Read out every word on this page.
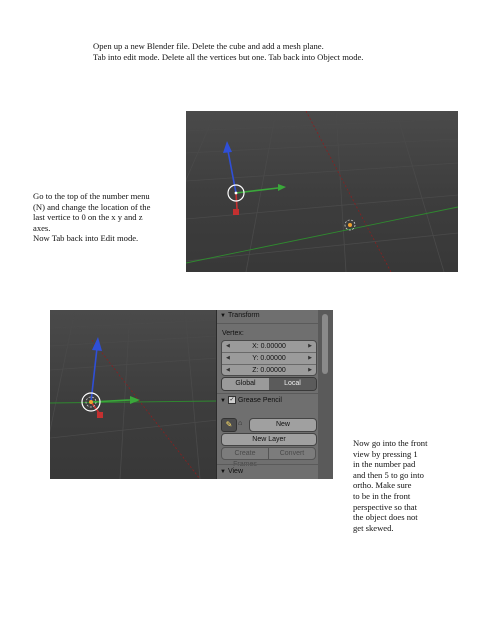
Open up a new Blender file. Delete the cube and add a mesh plane.
Tab into edit mode. Delete all the vertices but one. Tab back into Object mode.
Go to the top of the number menu
(N) and change the location of the
last vertice to 0 on the x y and z
axes.
Now Tab back into Edit mode.
Now go into the front
view by pressing 1
in the number pad
and then 5 to go into
ortho. Make sure
to be in the front
perspective so that
the object does not
get skewed.
▼ Transform
Vertex:
◀	X: 0.00000	▶
◀	Y: 0.00000	▶
◀	Z: 0.00000	▶
Global	Local
▼ ✓ Grease Pencil
✎ ⌂	New
New Layer
Create	Convert
▼ View
